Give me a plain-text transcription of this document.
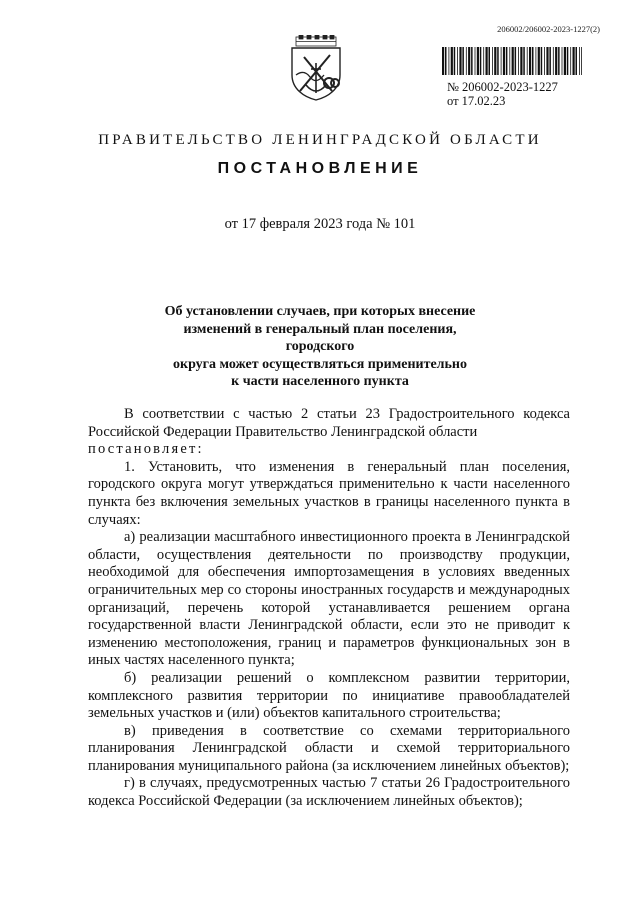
206002/206002-2023-1227(2)
№ 206002-2023-1227
от 17.02.23
ПРАВИТЕЛЬСТВО ЛЕНИНГРАДСКОЙ ОБЛАСТИ
ПОСТАНОВЛЕНИЕ
от 17 февраля 2023 года № 101
Об установлении случаев, при которых внесение
изменений в генеральный план поселения, городского
округа может осуществляться применительно
к части населенного пункта

В соответствии с частью 2 статьи 23 Градостроительного кодекса Российской Федерации Правительство Ленинградской области
постановляет:

1. Установить, что изменения в генеральный план поселения, городского округа могут утверждаться применительно к части населенного пункта без включения земельных участков в границы населенного пункта в случаях:

а) реализации масштабного инвестиционного проекта в Ленинградской области, осуществления деятельности по производству продукции, необходимой для обеспечения импортозамещения в условиях введенных ограничительных мер со стороны иностранных государств и международных организаций, перечень которой устанавливается решением органа государственной власти Ленинградской области, если это не приводит к изменению местоположения, границ и параметров функциональных зон в иных частях населенного пункта;

б) реализации решений о комплексном развитии территории, комплексного развития территории по инициативе правообладателей земельных участков и (или) объектов капитального строительства;

в) приведения в соответствие со схемами территориального планирования Ленинградской области и схемой территориального планирования муниципального района (за исключением линейных объектов);

г) в случаях, предусмотренных частью 7 статьи 26 Градостроительного кодекса Российской Федерации (за исключением линейных объектов);
